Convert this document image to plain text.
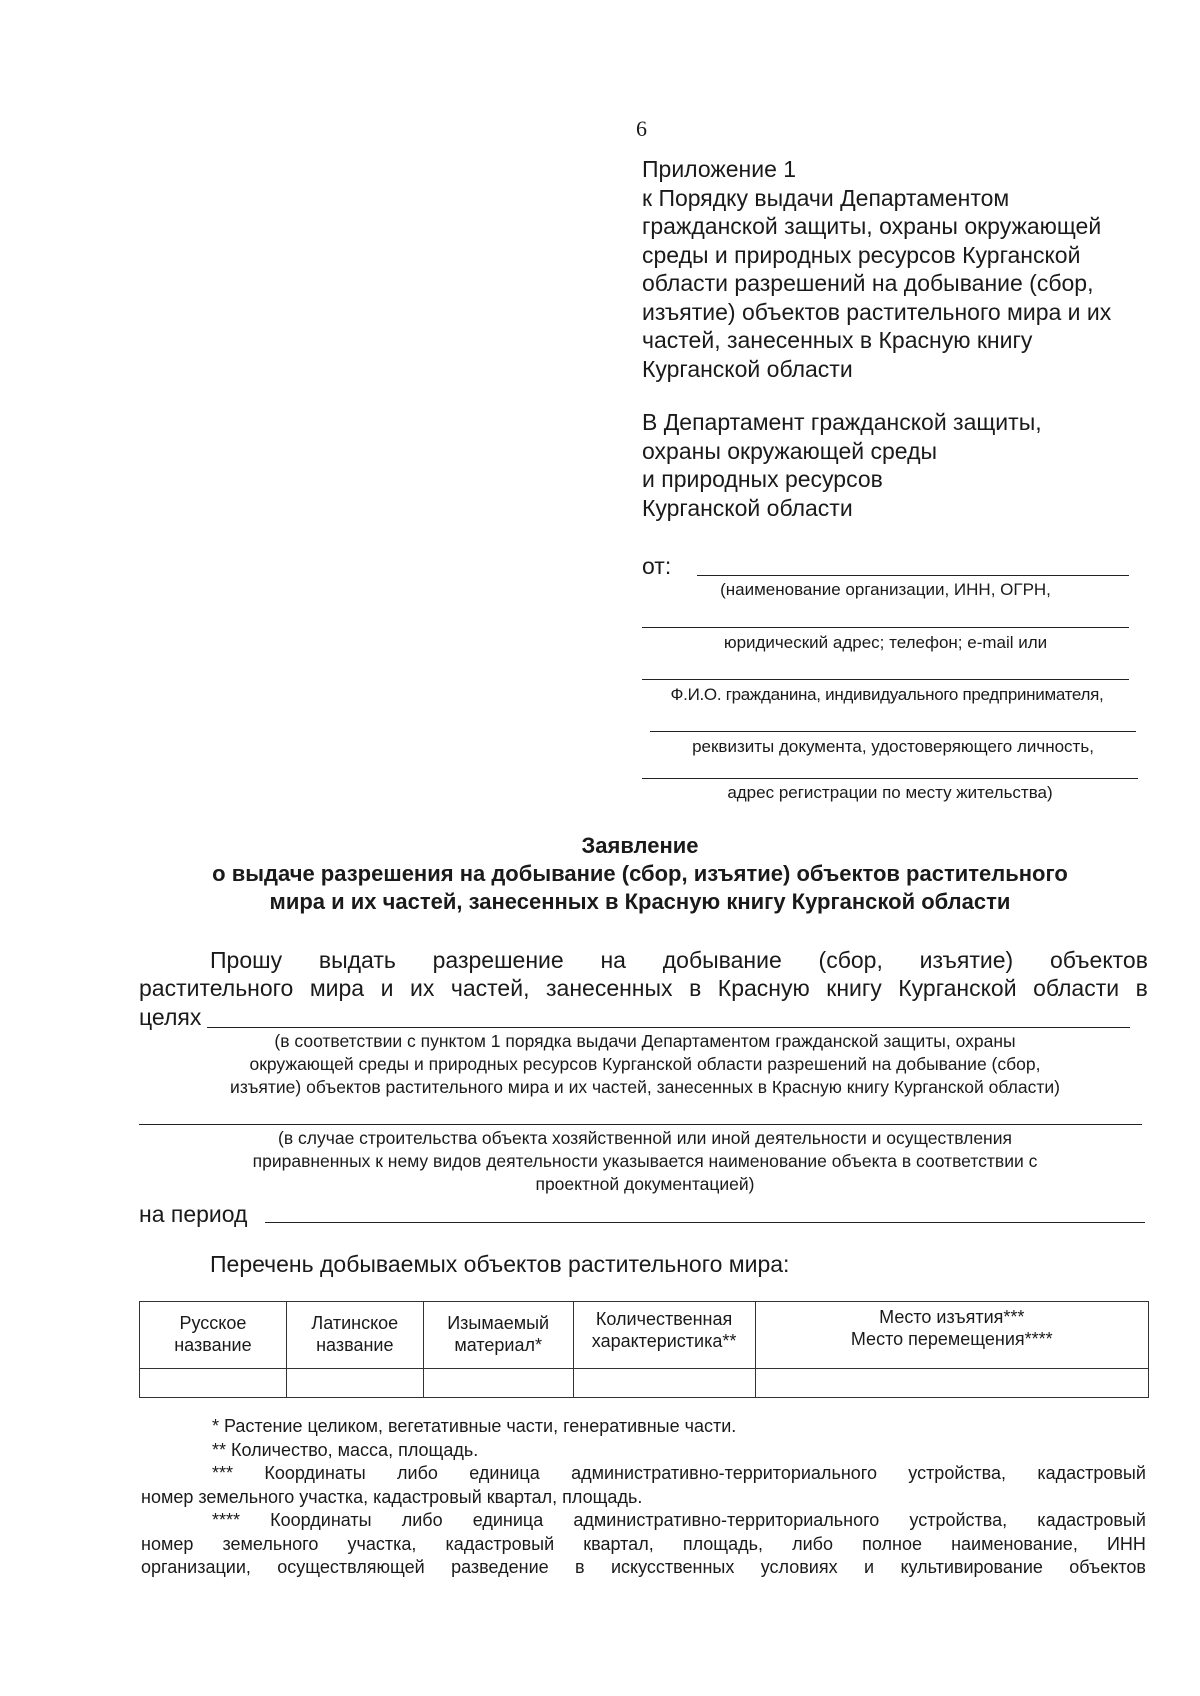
6
Приложение 1
к Порядку выдачи Департаментом
гражданской защиты, охраны окружающей
среды и природных ресурсов Курганской
области разрешений на добывание (сбор,
изъятие) объектов растительного мира и их
частей, занесенных в Красную книгу
Курганской области
В Департамент гражданской защиты,
охраны окружающей среды
и природных ресурсов
Курганской области
от:
(наименование организации, ИНН, ОГРН,
юридический адрес; телефон; e-mail или
Ф.И.О. гражданина, индивидуального предпринимателя,
реквизиты документа, удостоверяющего личность,
адрес регистрации по месту жительства)
Заявление
о выдаче разрешения на добывание (сбор, изъятие) объектов растительного
мира и их частей, занесенных в Красную книгу Курганской области
Прошу выдать разрешение на добывание (сбор, изъятие) объектов
растительного мира и их частей, занесенных в Красную книгу Курганской области в
целях
(в соответствии с пунктом 1 порядка выдачи Департаментом гражданской защиты, охраны
окружающей среды и природных ресурсов Курганской области разрешений на добывание (сбор,
изъятие) объектов растительного мира и их частей, занесенных в Красную книгу Курганской области)
(в случае строительства объекта хозяйственной или иной деятельности и осуществления
приравненных к нему видов деятельности указывается наименование объекта в соответствии с
проектной документацией)
на период
Перечень добываемых объектов растительного мира:
Русское
название	Латинское
название	Изымаемый
материал*	Количественная
характеристика**	Место изъятия***
Место перемещения****

* Растение целиком, вегетативные части, генеративные части.
** Количество, масса, площадь.
*** Координаты либо единица административно-территориального устройства, кадастровый
номер земельного участка, кадастровый квартал, площадь.
**** Координаты либо единица административно-территориального устройства, кадастровый
номер земельного участка, кадастровый квартал, площадь, либо полное наименование, ИНН
организации, осуществляющей разведение в искусственных условиях и культивирование объектов
